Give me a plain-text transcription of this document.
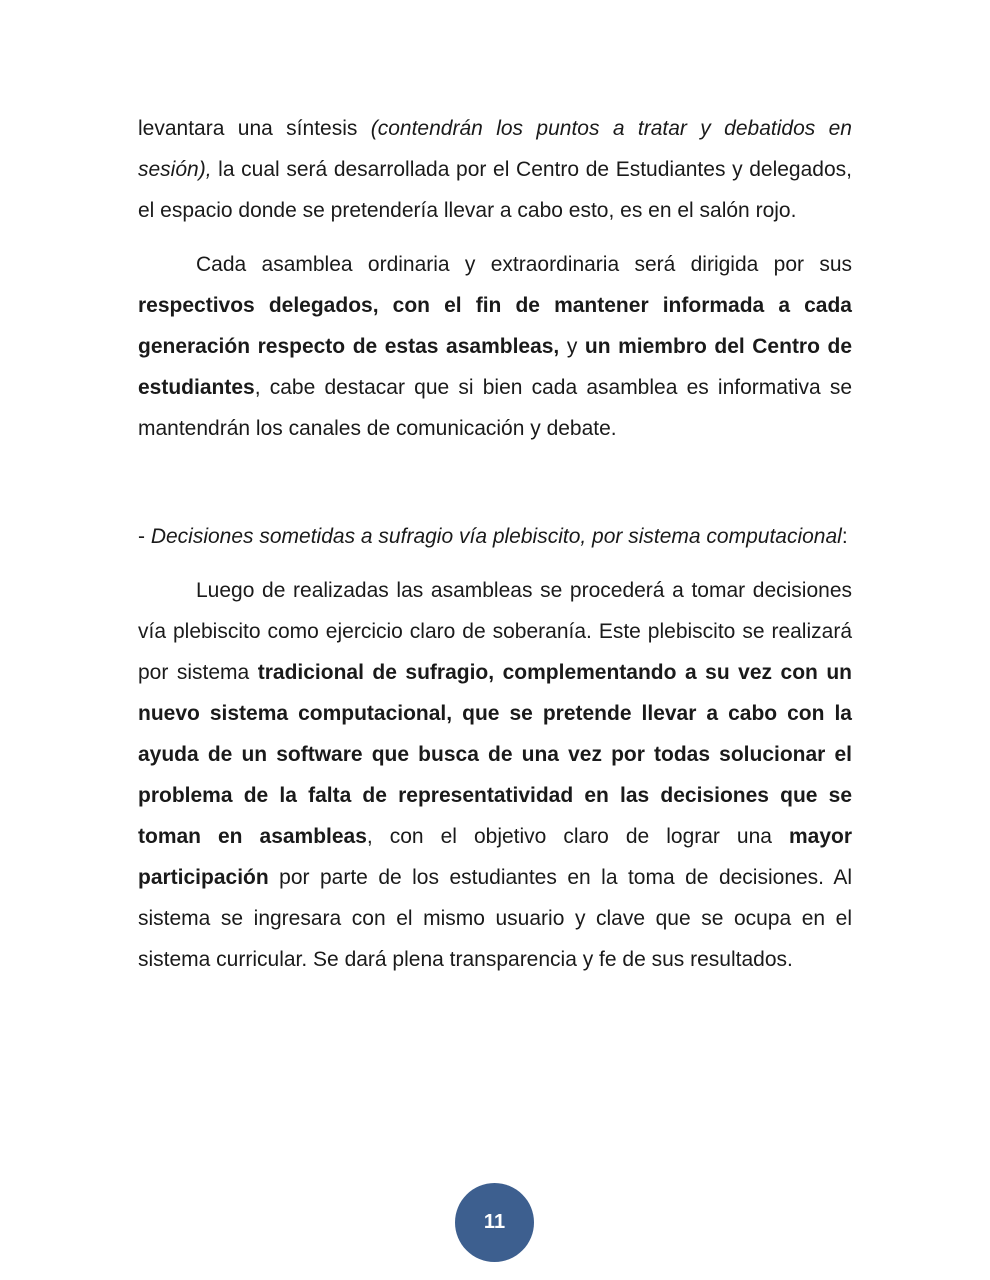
levantara una síntesis (contendrán los puntos a tratar y debatidos en sesión), la cual será desarrollada por el Centro de Estudiantes y delegados, el espacio donde se pretendería llevar a cabo esto, es en el salón rojo.

Cada asamblea ordinaria y extraordinaria será dirigida por sus respectivos delegados, con el fin de mantener informada a cada generación respecto de estas asambleas, y un miembro del Centro de estudiantes, cabe destacar que si bien cada asamblea es informativa se mantendrán los canales de comunicación y debate.

- Decisiones sometidas a sufragio vía plebiscito, por sistema computacional:

Luego de realizadas las asambleas se procederá a tomar decisiones vía plebiscito como ejercicio claro de soberanía. Este plebiscito se realizará por sistema tradicional de sufragio, complementando a su vez con un nuevo sistema computacional, que se pretende llevar a cabo con la ayuda de un software que busca de una vez por todas solucionar el problema de la falta de representatividad en las decisiones que se toman en asambleas, con el objetivo claro de lograr una mayor participación por parte de los estudiantes en la toma de decisiones. Al sistema se ingresara con el mismo usuario y clave que se ocupa en el sistema curricular. Se dará plena transparencia y fe de sus resultados.

11
